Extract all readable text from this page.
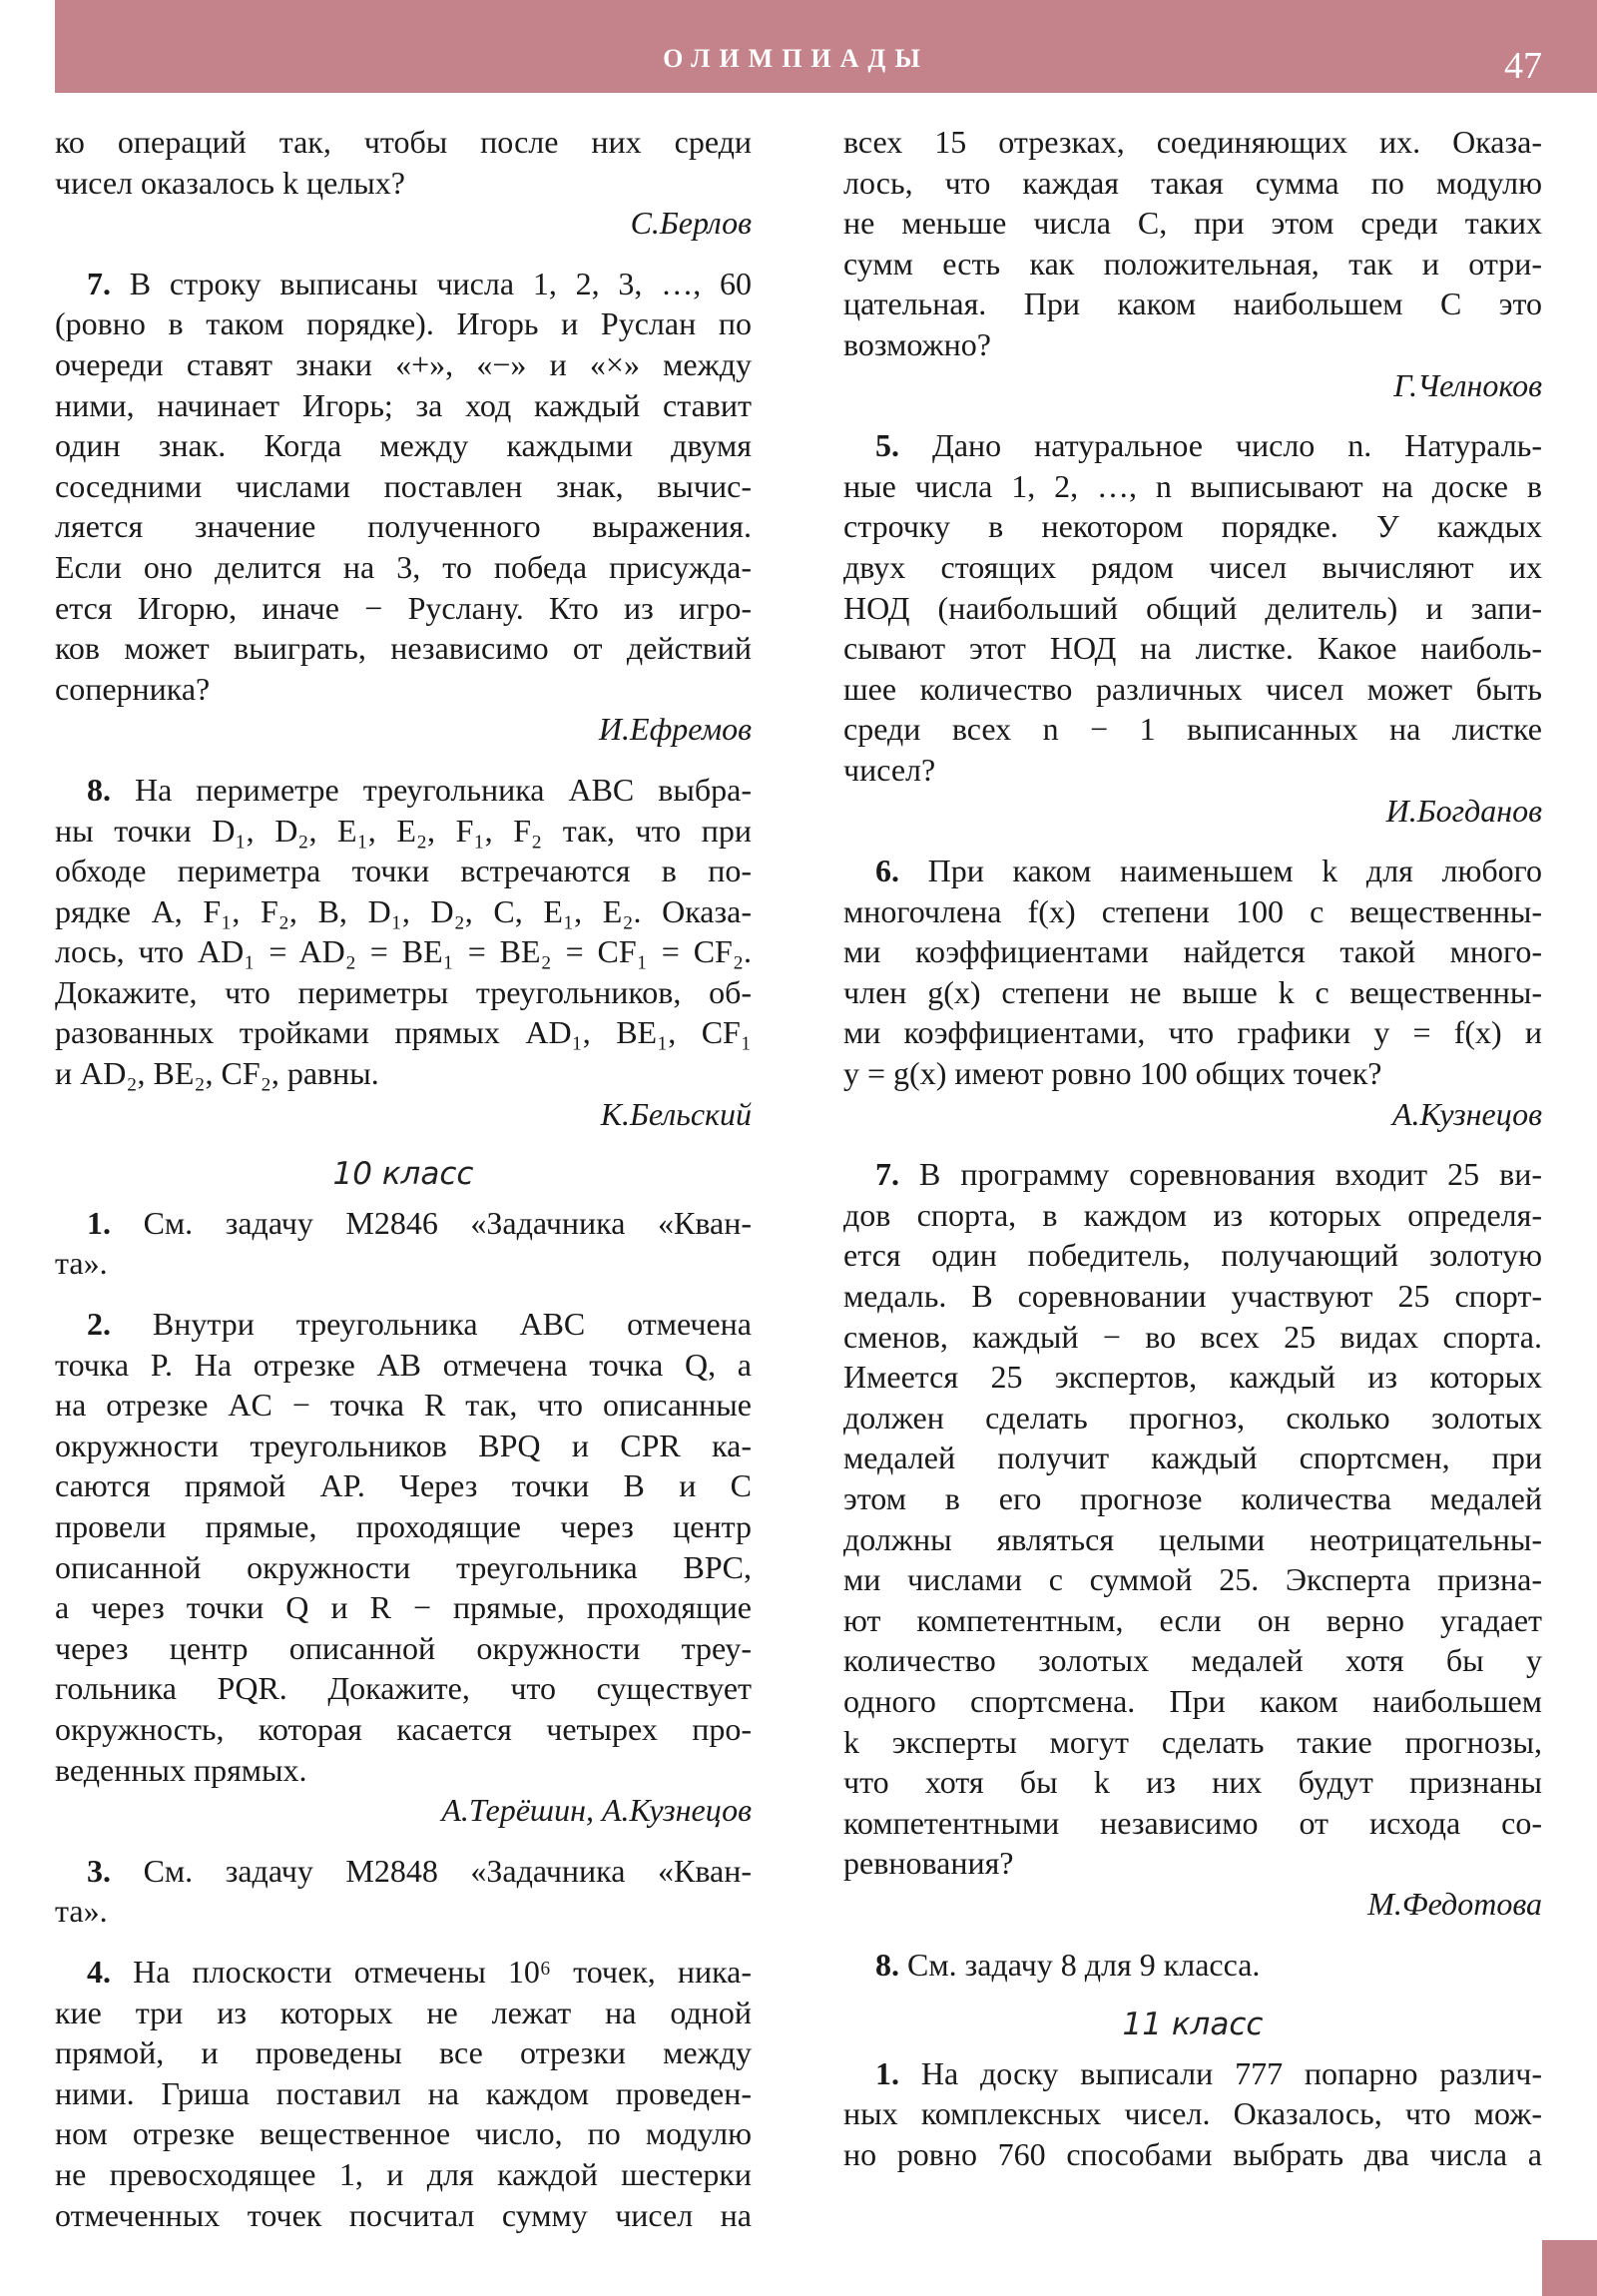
ОЛИМПИАДЫ	47
ко операций так, чтобы после них среди
чисел оказалось k целых?
С.Берлов
7. В строку выписаны числа 1, 2, 3, …, 60
(ровно в таком порядке). Игорь и Руслан по
очереди ставят знаки «+», «−» и «×» между
ними, начинает Игорь; за ход каждый ставит
один знак. Когда между каждыми двумя
соседними числами поставлен знак, вычис-
ляется значение полученного выражения.
Если оно делится на 3, то победа присужда-
ется Игорю, иначе − Руслану. Кто из игро-
ков может выиграть, независимо от действий
соперника?
И.Ефремов
8. На периметре треугольника ABC выбра-
ны точки D₁, D₂, E₁, E₂, F₁, F₂ так, что при
обходе периметра точки встречаются в по-
рядке A, F₁, F₂, B, D₁, D₂, C, E₁, E₂. Оказа-
лось, что AD₁ = AD₂ = BE₁ = BE₂ = CF₁ = CF₂.
Докажите, что периметры треугольников, об-
разованных тройками прямых AD₁, BE₁, CF₁
и AD₂, BE₂, CF₂, равны.
К.Бельский
10 класс
1. См. задачу М2846 «Задачника «Кван-
та».
2. Внутри треугольника ABC отмечена
точка P. На отрезке AB отмечена точка Q, а
на отрезке AC − точка R так, что описанные
окружности треугольников BPQ и CPR ка-
саются прямой AP. Через точки B и C
провели прямые, проходящие через центр
описанной окружности треугольника BPC,
а через точки Q и R − прямые, проходящие
через центр описанной окружности треу-
гольника PQR. Докажите, что существует
окружность, которая касается четырех про-
веденных прямых.
А.Терёшин, А.Кузнецов
3. См. задачу М2848 «Задачника «Кван-
та».
4. На плоскости отмечены 10⁶ точек, ника-
кие три из которых не лежат на одной
прямой, и проведены все отрезки между
ними. Гриша поставил на каждом проведен-
ном отрезке вещественное число, по модулю
не превосходящее 1, и для каждой шестерки
отмеченных точек посчитал сумму чисел на
всех 15 отрезках, соединяющих их. Оказа-
лось, что каждая такая сумма по модулю
не меньше числа C, при этом среди таких
сумм есть как положительная, так и отри-
цательная. При каком наибольшем C это
возможно?
Г.Челноков
5. Дано натуральное число n. Натураль-
ные числа 1, 2, …, n выписывают на доске в
строчку в некотором порядке. У каждых
двух стоящих рядом чисел вычисляют их
НОД (наибольший общий делитель) и запи-
сывают этот НОД на листке. Какое наиболь-
шее количество различных чисел может быть
среди всех n − 1 выписанных на листке
чисел?
И.Богданов
6. При каком наименьшем k для любого
многочлена f(x) степени 100 с вещественны-
ми коэффициентами найдется такой много-
член g(x) степени не выше k с вещественны-
ми коэффициентами, что графики y = f(x) и
y = g(x) имеют ровно 100 общих точек?
А.Кузнецов
7. В программу соревнования входит 25 ви-
дов спорта, в каждом из которых определя-
ется один победитель, получающий золотую
медаль. В соревновании участвуют 25 спорт-
сменов, каждый − во всех 25 видах спорта.
Имеется 25 экспертов, каждый из которых
должен сделать прогноз, сколько золотых
медалей получит каждый спортсмен, при
этом в его прогнозе количества медалей
должны являться целыми неотрицательны-
ми числами с суммой 25. Эксперта призна-
ют компетентным, если он верно угадает
количество золотых медалей хотя бы у
одного спортсмена. При каком наибольшем
k эксперты могут сделать такие прогнозы,
что хотя бы k из них будут признаны
компетентными независимо от исхода со-
ревнования?
М.Федотова
8. См. задачу 8 для 9 класса.
11 класс
1. На доску выписали 777 попарно различ-
ных комплексных чисел. Оказалось, что мож-
но ровно 760 способами выбрать два числа a
